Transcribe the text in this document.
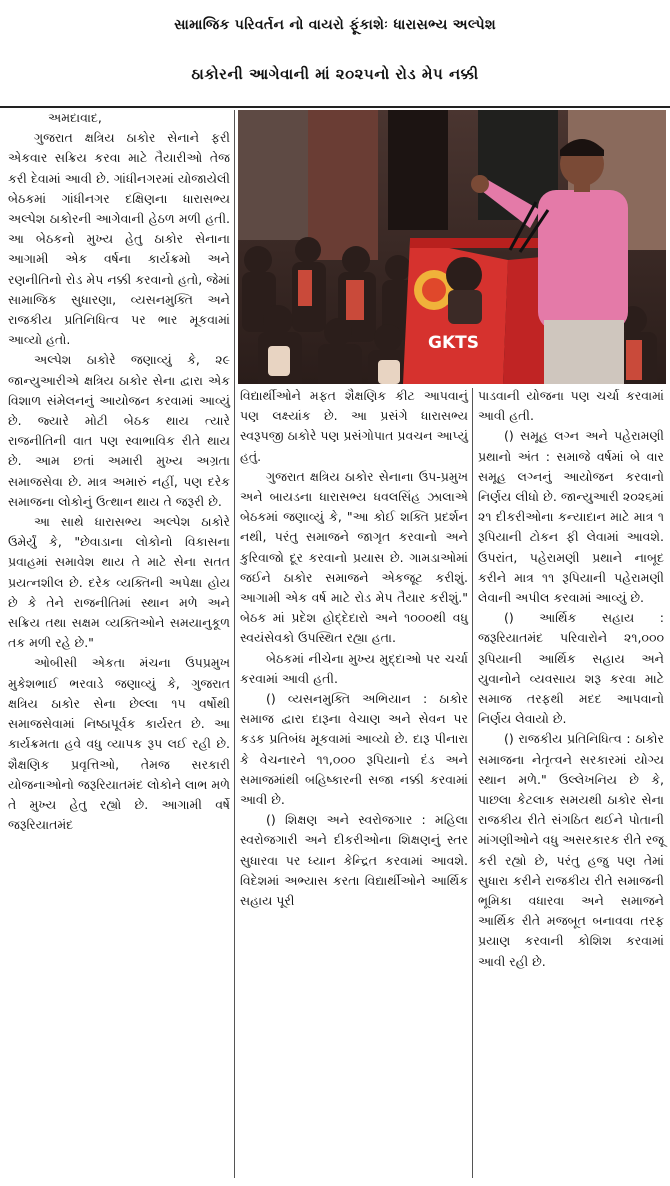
સામાજિક પરિવર્તન નો વાયરો ફૂંકાશેઃ ધારાસભ્ય અલ્પેશ
ઠાકોરની આગેવાની માં ૨૦૨૫નો રોડ મેપ નક્કી
GKTS

અમદાવાદ,

ગુજરાત ક્ષત્રિય ઠાકોર સેનાને ફરી એકવાર સક્રિય કરવા માટે તૈયારીઓ તેજ કરી દેવામાં આવી છે. ગાંધીનગરમાં યોજાયેલી બેઠકમાં ગાંધીનગર દક્ષિણના ધારાસભ્ય અલ્પેશ ઠાકોરની આગેવાની હેઠળ મળી હતી. આ બેઠકનો મુખ્ય હેતુ ઠાકોર સેનાના આગામી એક વર્ષના કાર્યક્રમો અને રણનીતિનો રોડ મેપ નક્કી કરવાનો હતો, જેમાં સામાજિક સુધારણા, વ્યસનમુક્તિ અને રાજકીય પ્રતિનિધિત્વ પર ભાર મૂકવામાં આવ્યો હતો.

અલ્પેશ ઠાકોરે જણાવ્યું કે, ૨૯ જાન્યુઆરીએ ક્ષત્રિય ઠાકોર સેના દ્વારા એક વિશાળ સંમેલનનું આયોજન કરવામાં આવ્યું છે. જ્યારે મોટી બેઠક થાય ત્યારે રાજનીતિની વાત પણ સ્વાભાવિક રીતે થાય છે. આમ છતાં અમારી મુખ્ય અગ્રતા સમાજસેવા છે. માત્ર અમારું નહીં, પણ દરેક સમાજના લોકોનું ઉત્થાન થાય તે જરૂરી છે.

આ સાથે ધારાસભ્ય અલ્પેશ ઠાકોરે ઉમેર્યું કે, "છેવાડાના લોકોનો વિકાસના પ્રવાહમાં સમાવેશ થાય તે માટે સેના સતત પ્રયત્નશીલ છે. દરેક વ્યક્તિની અપેક્ષા હોય છે કે તેને રાજનીતિમાં સ્થાન મળે અને સક્રિય તથા સક્ષમ વ્યક્તિઓને સમયાનુકૂળ તક મળી રહે છે."

ઓબીસી એકતા મંચના ઉપપ્રમુખ મુકેશભાઈ ભરવાડે જણાવ્યું કે, ગુજરાત ક્ષત્રિય ઠાકોર સેના છેલ્લા ૧૫ વર્ષોથી સમાજસેવામાં નિષ્ઠાપૂર્વક કાર્યરત છે. આ કાર્યક્રમતા હવે વધુ વ્યાપક રૂપ લઈ રહી છે. શૈક્ષણિક પ્રવૃત્તિઓ, તેમજ સરકારી યોજનાઓનો જરૂરિયાતમંદ લોકોને લાભ મળે તે મુખ્ય હેતુ રહ્યો છે. આગામી વર્ષે જરૂરિયાતમંદ

વિદ્યાર્થીઓને મફત શૈક્ષણિક કીટ આપવાનું પણ લક્ષ્યાંક છે. આ પ્રસંગે ધારાસભ્ય સ્વરૂપજી ઠાકોરે પણ પ્રસંગોપાત પ્રવચન આપ્યું હતું.

ગુજરાત ક્ષત્રિય ઠાકોર સેનાના ઉપ-પ્રમુખ અને બાયડના ધારાસભ્ય ધવલસિંહ ઝાલાએ બેઠકમાં જણાવ્યું કે, "આ કોઈ શક્તિ પ્રદર્શન નથી, પરંતુ સમાજને જાગૃત કરવાનો અને કુરિવાજો દૂર કરવાનો પ્રયાસ છે. ગામડાઓમાં જઈને ઠાકોર સમાજને એકજૂટ કરીશું. આગામી એક વર્ષ માટે રોડ મેપ તૈયાર કરીશું." બેઠક માં પ્રદેશ હોદ્દેદારો અને ૧૦૦૦થી વધુ સ્વયંસેવકો ઉપસ્થિત રહ્યા હતા.

બેઠકમાં નીચેના મુખ્ય મુદ્દાઓ પર ચર્ચા કરવામાં આવી હતી.

() વ્યસનમુક્તિ અભિયાન : ઠાકોર સમાજ દ્વારા દારૂના વેચાણ અને સેવન પર કડક પ્રતિબંધ મૂકવામાં આવ્યો છે. દારૂ પીનારા કે વેચનારને ૧૧,૦૦૦ રૂપિયાનો દંડ અને સમાજમાંથી બહિષ્કારની સજા નક્કી કરવામાં આવી છે.

() શિક્ષણ અને સ્વરોજગાર : મહિલા સ્વરોજગારી અને દીકરીઓના શિક્ષણનું સ્તર સુધારવા પર ધ્યાન કેન્દ્રિત કરવામાં આવશે. વિદેશમાં અભ્યાસ કરતા વિદ્યાર્થીઓને આર્થિક સહાય પૂરી

પાડવાની યોજના પણ ચર્ચા કરવામાં આવી હતી.

() સમૂહ લગ્ન અને પહેરામણી પ્રથાનો અંત : સમાજે વર્ષમાં બે વાર સમૂહ લગ્નનું આયોજન કરવાનો નિર્ણય લીધો છે. જાન્યુઆરી ૨૦૨૬માં ૨૧ દીકરીઓના કન્યાદાન માટે માત્ર ૧ રૂપિયાની ટોકન ફી લેવામાં આવશે. ઉપરાંત, પહેરામણી પ્રથાને નાબૂદ કરીને માત્ર ૧૧ રૂપિયાની પહેરામણી લેવાની અપીલ કરવામાં આવ્યું છે.

() આર્થિક સહાય : જરૂરિયાતમંદ પરિવારોને ૨૧,૦૦૦ રૂપિયાની આર્થિક સહાય અને યુવાનોને વ્યવસાય શરૂ કરવા માટે સમાજ તરફથી મદદ આપવાનો નિર્ણય લેવાયો છે.

() રાજકીય પ્રતિનિધિત્વ : ઠાકોર સમાજના નેતૃત્વને સરકારમાં યોગ્ય સ્થાન મળે." ઉલ્લેખનિય છે કે, પાછલા કેટલાક સમયથી ઠાકોર સેના રાજકીય રીતે સંગઠિત થઈને પોતાની માંગણીઓને વધુ અસરકારક રીતે રજૂ કરી રહ્યો છે, પરંતુ હજુ પણ તેમાં સુધારા કરીને રાજકીય રીતે સમાજની ભૂમિકા વધારવા અને સમાજને આર્થિક રીતે મજબૂત બનાવવા તરફ પ્રયાણ કરવાની કોશિશ કરવામાં આવી રહી છે.
